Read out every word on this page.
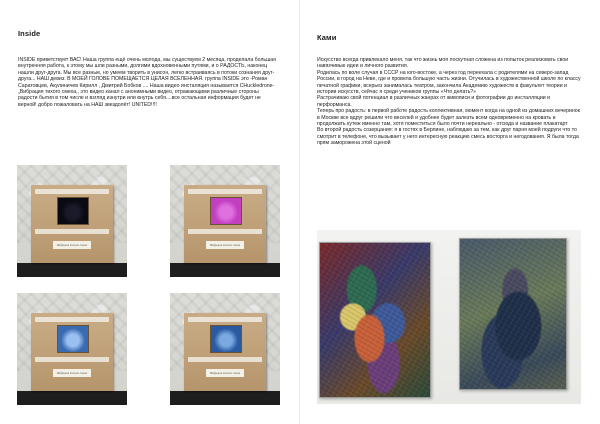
Inside

INSIDE приветствует ВАС! Наша группа ещё очень молода, мы существуем 2 месяца, проделала большая внутренняя работа, к этому мы шли разными, долгими вдохновенными путями, и о РАДОСТЬ, наконец нашли друг-друга. Мы все разные, но умеем творить в унисон, легко встраиваясь в потоки сознания друг-друга... НАШ девиз: В МОЕЙ ГОЛОВЕ ПОМЕЩАЕТСЯ ЦЕЛАЯ ВСЕЛЕННАЯ. группа INSIDE это -Роман Саратовцев, Акулиничев Кирилл , Дмитрий Бобков .... Наша видео инсталяция называется СНuckledrone- „Вибрация тихого смеха,, это видео канал с анонимными видео, отражающими различные стороны радости бытия в том числе и взгляд изнутри или внутрь себя....все остальная информация будет не верной! добро пожаловать на НАШ звездолёт! UNITED!!!!

Вибрация тихого смеха	Вибрация тихого смеха
Вибрация тихого смеха	Вибрация тихого смеха
Ками

Искусство всегда привлекало меня, так что жизнь моя лоскутная сложена из попыток реализовать свои навязчивые идеи и личного развития.

Родилась по воле случая в СССР на юго-востоке, а через год переехала с родителями на северо-запад России, в город на Неве, где и провела большую часть жизни. Отучилась в художественной школе по классу печатной графики, всерьез занималась театром, закончила Академию художеств в факультет теории и истории искусств, сейчас я среди учеников группы «Что делать?»

Растрачиваю свой потенциал в различных жанрах от живописи и фотографии до инсталляции и перформанса.

Теперь про радость: в первой работе радость коллективная, момент когда на одной из домашних вечеринок в Москве все вдруг решили что веселей и удобнее будет залезть всем одновременно на кровать и продолжать кутеж именно там, хотя поместиться было почти нереально - отсюда и название плакатарт

Во второй радость созерцания: я в гостях в Берлине, наблюдаю за тем, как друг парня моей подруги что то смотрит в телефоне, что вызывает у него интересную реакцию смесь восторга и негодования. Я была тогда прям заморожена этой сценой
